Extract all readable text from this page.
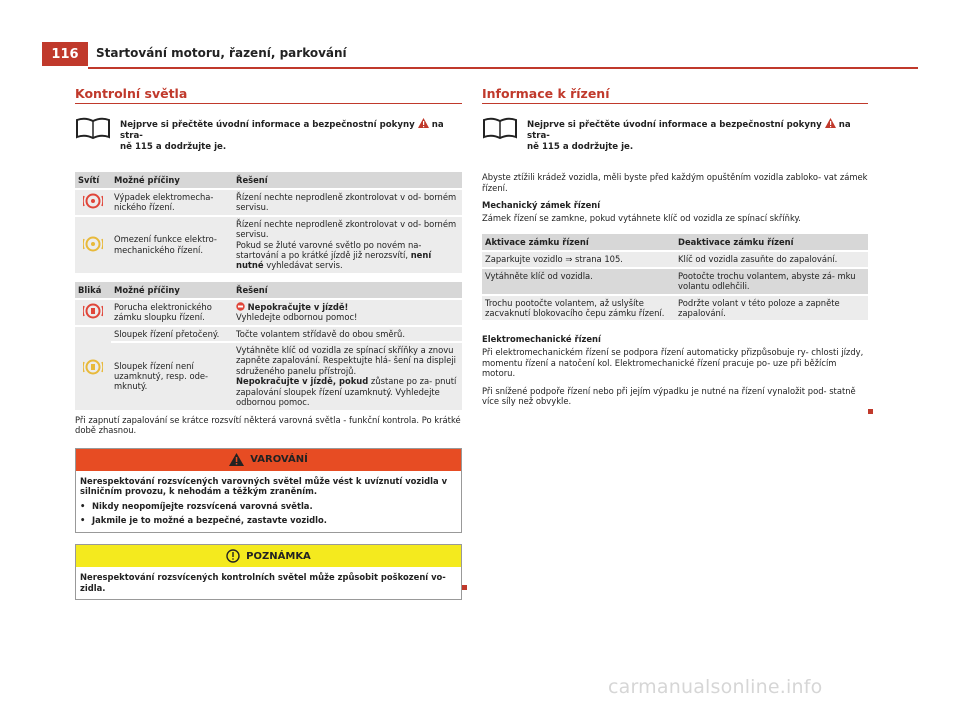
116	Startování motoru, řazení, parkování
Kontrolní světla
Nejprve si přečtěte úvodní informace a bezpečnostní pokyny na stra-
ně 115 a dodržujte je.
Svítí	Možné příčiny	Řešení
	Výpadek elektromecha- nického řízení.	Řízení nechte neprodleně zkontrolovat v od- borném servisu.
	Omezení funkce elektro- mechanického řízení.	Řízení nechte neprodleně zkontrolovat v od- borném servisu.
Pokud se žluté varovné světlo po novém na- startování a po krátké jízdě již nerozsvítí, není nutné vyhledávat servis.
Bliká	Možné příčiny	Řešení
	Porucha elektronického zámku sloupku řízení.	Nepokračujte v jízdě!
Vyhledejte odbornou pomoc!
	Sloupek řízení přetočený.	Točte volantem střídavě do obou směrů.
	Sloupek řízení není uzamknutý, resp. ode- mknutý.	Vytáhněte klíč od vozidla ze spínací skříňky a znovu zapněte zapalování. Respektujte hlá- šení na displeji sdruženého panelu přístrojů.
Nepokračujte v jízdě, pokud zůstane po za- pnutí zapalování sloupek řízení uzamknutý. Vyhledejte odbornou pomoc.

Při zapnutí zapalování se krátce rozsvítí některá varovná světla - funkční kontrola. Po krátké době zhasnou.

VAROVÁNÍ
Nerespektování rozsvícených varovných světel může vést k uvíznutí vozidla v silničním provozu, k nehodám a těžkým zraněním.
• Nikdy neopomíjejte rozsvícená varovná světla.
• Jakmile je to možné a bezpečné, zastavte vozidlo.
POZNÁMKA
Nerespektování rozsvícených kontrolních světel může způsobit poškození vo- zidla.
Informace k řízení
Nejprve si přečtěte úvodní informace a bezpečnostní pokyny na stra-
ně 115 a dodržujte je.

Abyste ztížili krádež vozidla, měli byste před každým opuštěním vozidla zabloko- vat zámek řízení.

Mechanický zámek řízení

Zámek řízení se zamkne, pokud vytáhnete klíč od vozidla ze spínací skříňky.

Aktivace zámku řízení	Deaktivace zámku řízení
Zaparkujte vozidlo ⇒ strana 105.	Klíč od vozidla zasuňte do zapalování.
Vytáhněte klíč od vozidla.	Pootočte trochu volantem, abyste zá- mku volantu odlehčili.
Trochu pootočte volantem, až uslyšíte zacvaknutí blokovacího čepu zámku řízení.	Podržte volant v této poloze a zapněte zapalování.

Elektromechanické řízení

Při elektromechanickém řízení se podpora řízení automaticky přizpůsobuje ry- chlosti jízdy, momentu řízení a natočení kol. Elektromechanické řízení pracuje po- uze při běžícím motoru.

Při snížené podpoře řízení nebo při jejím výpadku je nutné na řízení vynaložit pod- statně více síly než obvykle.

carmanualsonline.info
